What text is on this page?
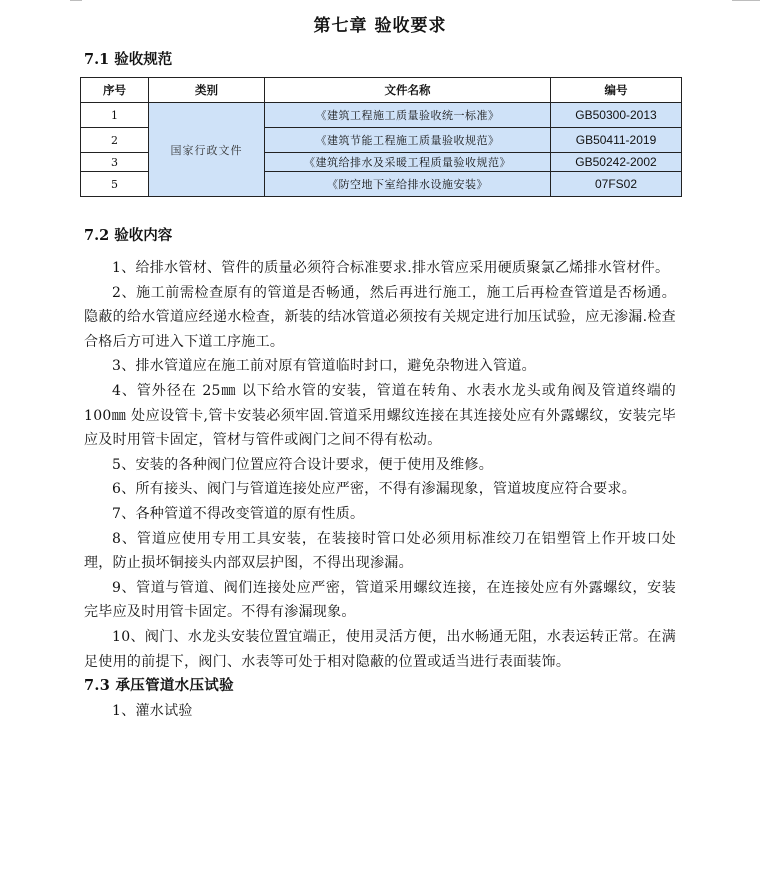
第七章 验收要求
7.1 验收规范
序号	类别	文件名称	编号
1	国家行政文件	《建筑工程施工质量验收统一标准》	GB50300-2013
2		《建筑节能工程施工质量验收规范》	GB50411-2019
3		《建筑给排水及采暖工程质量验收规范》	GB50242-2002
5		《防空地下室给排水设施安装》	07FS02
7.2 验收内容

1、给排水管材、管件的质量必须符合标准要求.排水管应采用硬质聚氯乙烯排水管材件。

2、施工前需检查原有的管道是否畅通，然后再进行施工，施工后再检查管道是否杨通。隐蔽的给水管道应经递水检查，新装的结冰管道必须按有关规定进行加压试验，应无渗漏.检查合格后方可进入下道工序施工。

3、排水管道应在施工前对原有管道临时封口，避免杂物进入管道。

4、管外径在 25㎜ 以下给水管的安装，管道在转角、水表水龙头或角阀及管道终端的 100㎜ 处应设管卡,管卡安装必须牢固.管道采用螺纹连接在其连接处应有外露螺纹，安装完毕应及时用管卡固定，管材与管件或阀门之间不得有松动。

5、安装的各种阀门位置应符合设计要求，便于使用及维修。

6、所有接头、阀门与管道连接处应严密，不得有渗漏现象，管道坡度应符合要求。

7、各种管道不得改变管道的原有性质。

8、管道应使用专用工具安装，在装接时管口处必须用标准绞刀在铝塑管上作开坡口处理，防止损坏铜接头内部双层护图，不得出现渗漏。

9、管道与管道、阀们连接处应严密，管道采用螺纹连接，在连接处应有外露螺纹，安装完毕应及时用管卡固定。不得有渗漏现象。

10、阀门、水龙头安装位置宜端正，使用灵活方便，出水畅通无阻，水表运转正常。在满足使用的前提下，阀门、水表等可处于相对隐蔽的位置或适当进行表面装饰。

7.3 承压管道水压试验

1、灌水试验
